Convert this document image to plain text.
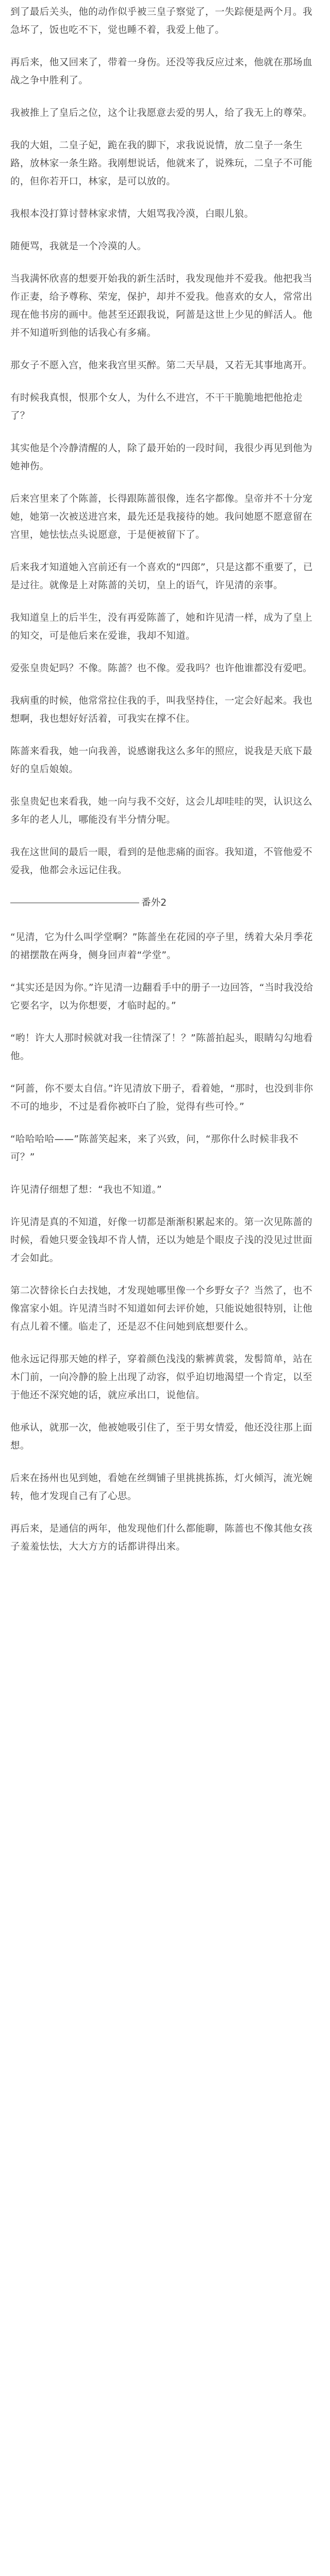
到了最后关头，他的动作似乎被三皇子察觉了，一失踪便是两个月。我急坏了，饭也吃不下，觉也睡不着，我爱上他了。

再后来，他又回来了，带着一身伤。还没等我反应过来，他就在那场血战之争中胜利了。

我被推上了皇后之位，这个让我愿意去爱的男人，给了我无上的尊荣。

我的大姐，二皇子妃，跪在我的脚下，求我说说情，放二皇子一条生路，放林家一条生路。我刚想说话，他就来了，说殊玩，二皇子不可能的，但你若开口，林家，是可以放的。

我根本没打算讨替林家求情，大姐骂我冷漠，白眼儿狼。

随便骂，我就是一个冷漠的人。

当我满怀欣喜的想要开始我的新生活时，我发现他并不爱我。他把我当作正妻，给予尊称、荣宠，保护，却并不爱我。他喜欢的女人，常常出现在他书房的画中。他甚至还跟我说，阿蔷是这世上少见的鲜活人。他并不知道听到他的话我心有多痛。

那女子不愿入宫，他来我宫里买醉。第二天早晨，又若无其事地离开。

有时候我真恨，恨那个女人，为什么不进宫，不干干脆脆地把他抢走了？

其实他是个冷静清醒的人，除了最开始的一段时间，我很少再见到他为她神伤。

后来宫里来了个陈蔷，长得跟陈蔷很像，连名字都像。皇帝并不十分宠她，她第一次被送进宫来，最先还是我接待的她。我问她愿不愿意留在宫里，她怯怯点头说愿意，于是便被留下了。

后来我才知道她入宫前还有一个喜欢的“四郎”，只是这都不重要了，已是过往。就像是上对陈蔷的关切，皇上的语气，许见清的亲事。

我知道皇上的后半生，没有再爱陈蔷了，她和许见清一样，成为了皇上的知交，可是他后来在爱谁，我却不知道。

爱张皇贵妃吗？不像。陈蔷？也不像。爱我吗？也许他谁都没有爱吧。

我病重的时候，他常常拉住我的手，叫我坚持住，一定会好起来。我也想啊，我也想好好活着，可我实在撑不住。

陈蔷来看我，她一向我善，说感谢我这么多年的照应，说我是天底下最好的皇后娘娘。

张皇贵妃也来看我，她一向与我不交好，这会儿却哇哇的哭，认识这么多年的老人儿，哪能没有半分情分呢。

我在这世间的最后一眼，看到的是他悲痛的面容。我知道，不管他爱不爱我，他都会永远记住我。

番外2

“见清，它为什么叫学堂啊？”陈蔷坐在花园的亭子里，绣着大朵月季花的裙摆散在两身，侧身回声着“学堂”。

“其实还是因为你。”许见清一边翻看手中的册子一边回答，“当时我没给它要名字，以为你想要，才临时起的。”

“哟！许大人那时候就对我一往情深了！？”陈蔷拍起头，眼睛勾勾地看他。

“阿蔷，你不要太自信。”许见清放下册子，看着她，“那时，也没到非你不可的地步，不过是看你被吓白了脸，觉得有些可怜。”

“哈哈哈哈——”陈蔷笑起来，来了兴致，问，“那你什么时候非我不可？”

许见清仔细想了想：“我也不知道。”

许见清是真的不知道，好像一切都是渐渐积累起来的。第一次见陈蔷的时候，看她只要金钱却不肯人情，还以为她是个眼皮子浅的没见过世面才会如此。

第二次替徐长白去找她，才发现她哪里像一个乡野女子？当然了，也不像富家小姐。许见清当时不知道如何去评价她，只能说她很特别，让他有点儿着不懂。临走了，还是忍不住问她到底想要什么。

他永远记得那天她的样子，穿着颜色浅浅的紫裤黄裳，发髻简单，站在木门前，一向冷静的脸上出现了动容，似乎迫切地渴望一个肯定，以至于他还不深究她的话，就应承出口，说他信。

他承认，就那一次，他被她吸引住了，至于男女情爱，他还没往那上面想。

后来在扬州也见到她，看她在丝绸铺子里挑挑拣拣，灯火倾泻，流光婉转，他才发现自己有了心思。

再后来，是通信的两年，他发现他们什么都能聊，陈蔷也不像其他女孩子羞羞怯怯，大大方方的话都讲得出来。
